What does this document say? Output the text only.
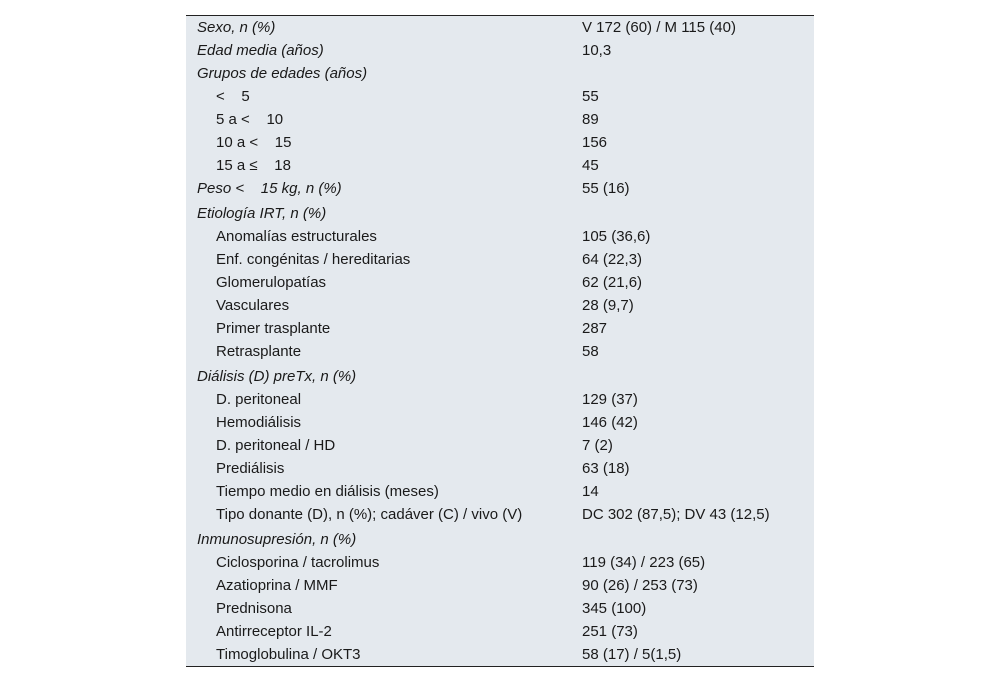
Sexo, n (%)	V 172 (60) / M 115 (40)
Edad media (años)	10,3
Grupos de edades (años)
<    5	55
5 a <    10	89
10 a <    15	156
15 a ≤    18	45
Peso <    15 kg, n (%)	55 (16)
Etiología IRT, n (%)
Anomalías estructurales	105 (36,6)
Enf. congénitas / hereditarias	64 (22,3)
Glomerulopatías	62 (21,6)
Vasculares	28 (9,7)
Primer trasplante	287
Retrasplante	58
Diálisis (D) preTx, n (%)
D. peritoneal	129 (37)
Hemodiálisis	146 (42)
D. peritoneal / HD	7 (2)
Prediálisis	63 (18)
Tiempo medio en diálisis (meses)	14
Tipo donante (D), n (%); cadáver (C) / vivo (V)	DC 302 (87,5); DV 43 (12,5)
Inmunosupresión, n (%)
Ciclosporina / tacrolimus	119 (34) / 223 (65)
Azatioprina / MMF	90 (26) / 253 (73)
Prednisona	345 (100)
Antirreceptor IL-2	251 (73)
Timoglobulina / OKT3	58 (17) / 5(1,5)
